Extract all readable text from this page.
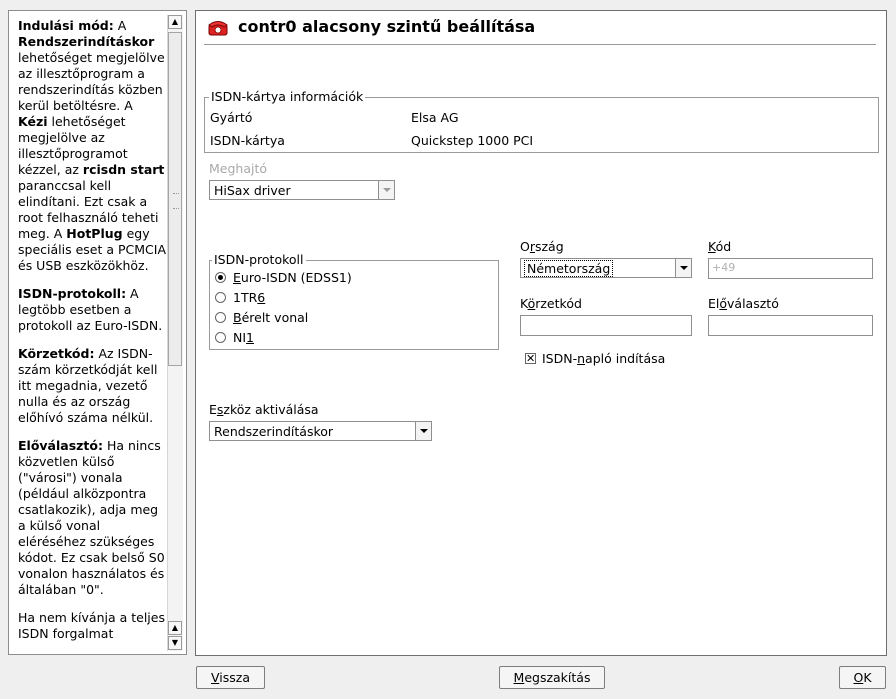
Indulási mód: A Rendszerindításkor lehetőséget megjelölve az illesztőprogram a rendszerindítás közben kerül betöltésre. A Kézi lehetőséget megjelölve az illesztőprogramot kézzel, az rcisdn start paranccsal kell elindítani. Ezt csak a root felhasználó teheti meg. A HotPlug egy speciális eset a PCMCIA és USB eszközökhöz.

ISDN-protokoll: A legtöbb esetben a protokoll az Euro-ISDN.

Körzetkód: Az ISDN-szám körzetkódját kell itt megadnia, vezető nulla és az ország előhívó száma nélkül.

Előválasztó: Ha nincs közvetlen külső ("városi") vonala (például alközpontra csatlakozik), adja meg a külső vonal eléréséhez szükséges kódot. Ez csak belső S0 vonalon használatos és általában "0".

Ha nem kívánja a teljes ISDN forgalmat

▲
▲
▼
contr0 alacsony szintű beállítása
ISDN-kártya információk
Gyártó	Elsa AG
ISDN-kártya	Quickstep 1000 PCI
Meghajtó
HiSax driver
ISDN-protokoll
Euro-ISDN (EDSS1)
1TR6
Bérelt vonal
NI1
Ország
Németország
Kód
+49
Körzetkód	Előválasztó
✕ ISDN-napló indítása
Eszköz aktiválása
Rendszerindításkor
Vissza	Megszakítás	OK
